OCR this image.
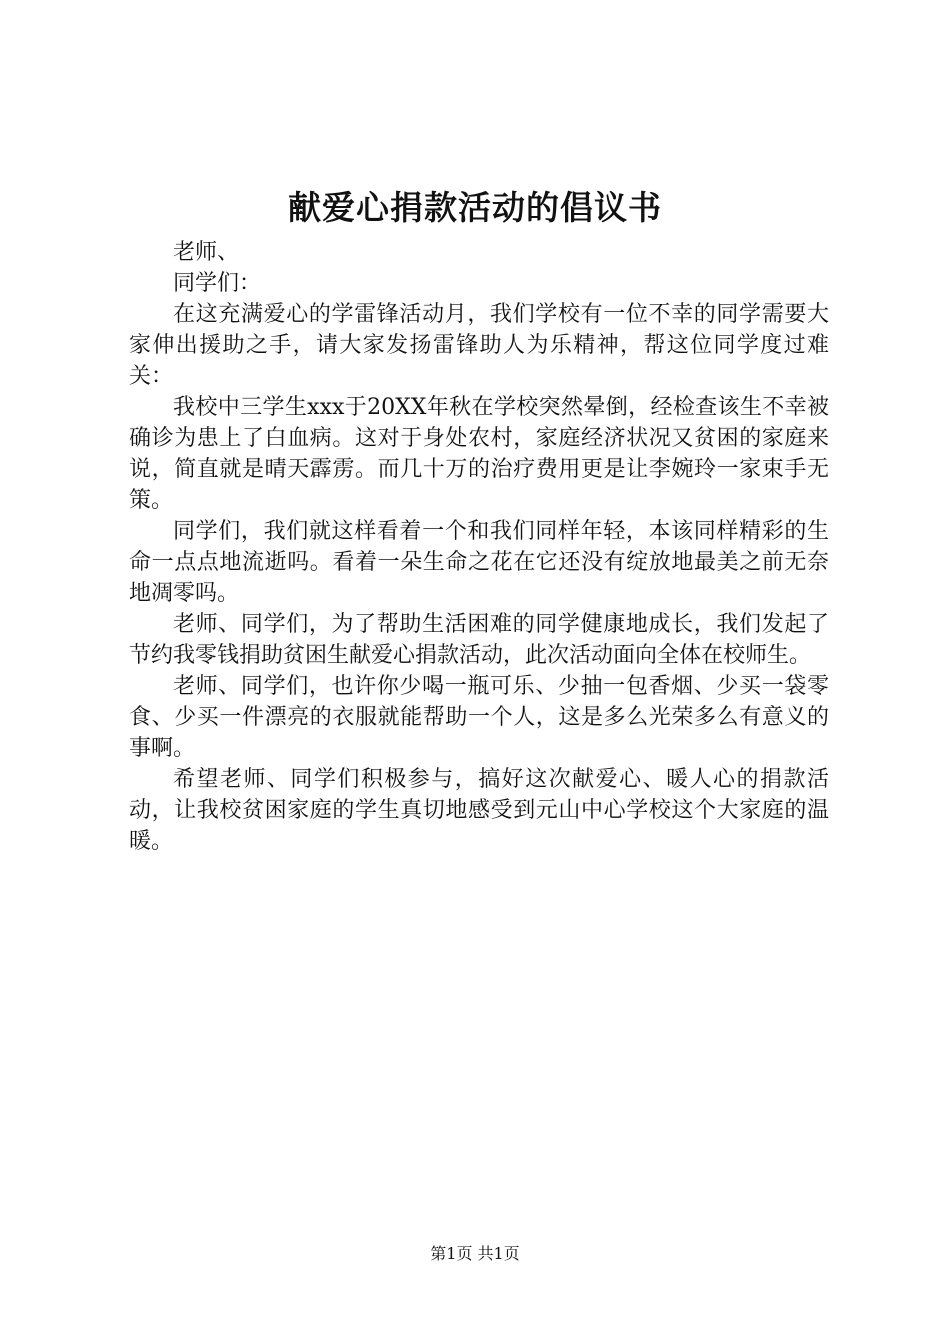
献爱心捐款活动的倡议书

老师、

同学们：

在这充满爱心的学雷锋活动月，我们学校有一位不幸的同学需要大家伸出援助之手，请大家发扬雷锋助人为乐精神，帮这位同学度过难关：

我校中三学生xxx于20XX年秋在学校突然晕倒，经检查该生不幸被确诊为患上了白血病。这对于身处农村，家庭经济状况又贫困的家庭来说，简直就是晴天霹雳。而几十万的治疗费用更是让李婉玲一家束手无策。

同学们，我们就这样看着一个和我们同样年轻，本该同样精彩的生命一点点地流逝吗。看着一朵生命之花在它还没有绽放地最美之前无奈地凋零吗。

老师、同学们，为了帮助生活困难的同学健康地成长，我们发起了节约我零钱捐助贫困生献爱心捐款活动，此次活动面向全体在校师生。

老师、同学们，也许你少喝一瓶可乐、少抽一包香烟、少买一袋零食、少买一件漂亮的衣服就能帮助一个人，这是多么光荣多么有意义的事啊。

希望老师、同学们积极参与，搞好这次献爱心、暖人心的捐款活动，让我校贫困家庭的学生真切地感受到元山中心学校这个大家庭的温暖。

第1页 共1页
